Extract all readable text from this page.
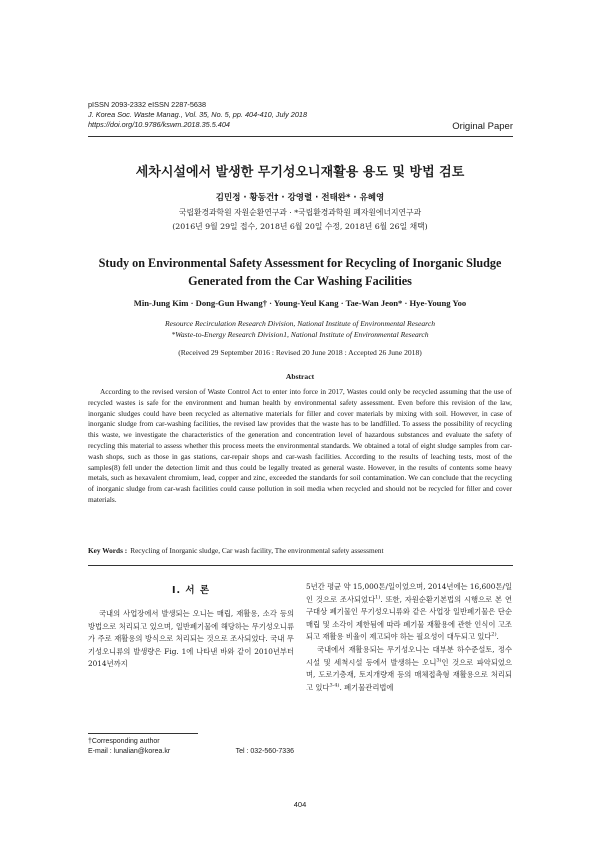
pISSN 2093-2332 eISSN 2287-5638
J. Korea Soc. Waste Manag., Vol. 35, No. 5, pp. 404-410, July 2018
https://doi.org/10.9786/kswm.2018.35.5.404	Original Paper
세차시설에서 발생한 무기성오니재활용 용도 및 방법 검토
김민정 · 황동건† · 강영렬 · 전태완* · 유혜영
국립환경과학원 자원순환연구과 · *국립환경과학원 폐자원에너지연구과
(2016년 9월 29일 접수, 2018년 6월 20일 수정, 2018년 6월 26일 채택)
Study on Environmental Safety Assessment for Recycling of Inorganic Sludge
Generated from the Car Washing Facilities
Min-Jung Kim · Dong-Gun Hwang† · Young-Yeul Kang · Tae-Wan Jeon* · Hye-Young Yoo
Resource Recirculation Research Division, National Institute of Environmental Research
*Waste-to-Energy Research Division1, National Institute of Environmental Research
(Received 29 September 2016 : Revised 20 June 2018 : Accepted 26 June 2018)
Abstract

According to the revised version of Waste Control Act to enter into force in 2017, Wastes could only be recycled assuming that the use of recycled wastes is safe for the environment and human health by environmental safety assessment. Even before this revision of the law, inorganic sludges could have been recycled as alternative materials for filler and cover materials by mixing with soil. However, in case of inorganic sludge from car-washing facilities, the revised law provides that the waste has to be landfilled. To assess the possibility of recycling this waste, we investigate the characteristics of the generation and concentration level of hazardous substances and evaluate the safety of recycling this material to assess whether this process meets the environmental standards. We obtained a total of eight sludge samples from car-wash shops, such as those in gas stations, car-repair shops and car-wash facilities. According to the results of leaching tests, most of the samples(8) fell under the detection limit and thus could be legally treated as general waste. However, in the results of contents some heavy metals, such as hexavalent chromium, lead, copper and zinc, exceeded the standards for soil contamination. We can conclude that the recycling of inorganic sludge from car-wash facilities could cause pollution in soil media when recycled and should not be recycled for filler and cover materials.

Key Words : Recycling of Inorganic sludge, Car wash facility, The environmental safety assessment
I. 서 론

국내의 사업장에서 발생되는 오니는 매립, 재활용, 소각 등의 방법으로 처리되고 있으며, 일반폐기물에 해당하는 무기성오니류가 주로 재활용의 방식으로 처리되는 것으로 조사되었다. 국내 무기성오니류의 발생량은 Fig. 1에 나타낸 바와 같이 2010년부터 2014년까지

5년간 평균 약 15,000톤/일이었으며, 2014년에는 16,600톤/일인 것으로 조사되었다$^{1)}$. 또한, 자원순환기본법의 시행으로 본 연구대상 폐기물인 무기성오니류와 같은 사업장 일반폐기물은 단순 매립 및 소각이 제한됨에 따라 폐기물 재활용에 관한 인식이 고조 되고 재활용 비율이 제고되야 하는 필요성이 대두되고 있다$^{2)}$.

국내에서 재활용되는 무기성오니는 대부분 하수준설토, 정수시설 및 세척시설 등에서 발생하는 오니$^{3)}$인 것으로 파악되었으며, 도로기층재, 토지개량재 등의 매체접촉형 재활용으로 처리되고 있다$^{3-4)}$. 폐기물관리법에

†Corresponding author
E-mail : lunalian@korea.kr	Tel : 032-560-7336
404
